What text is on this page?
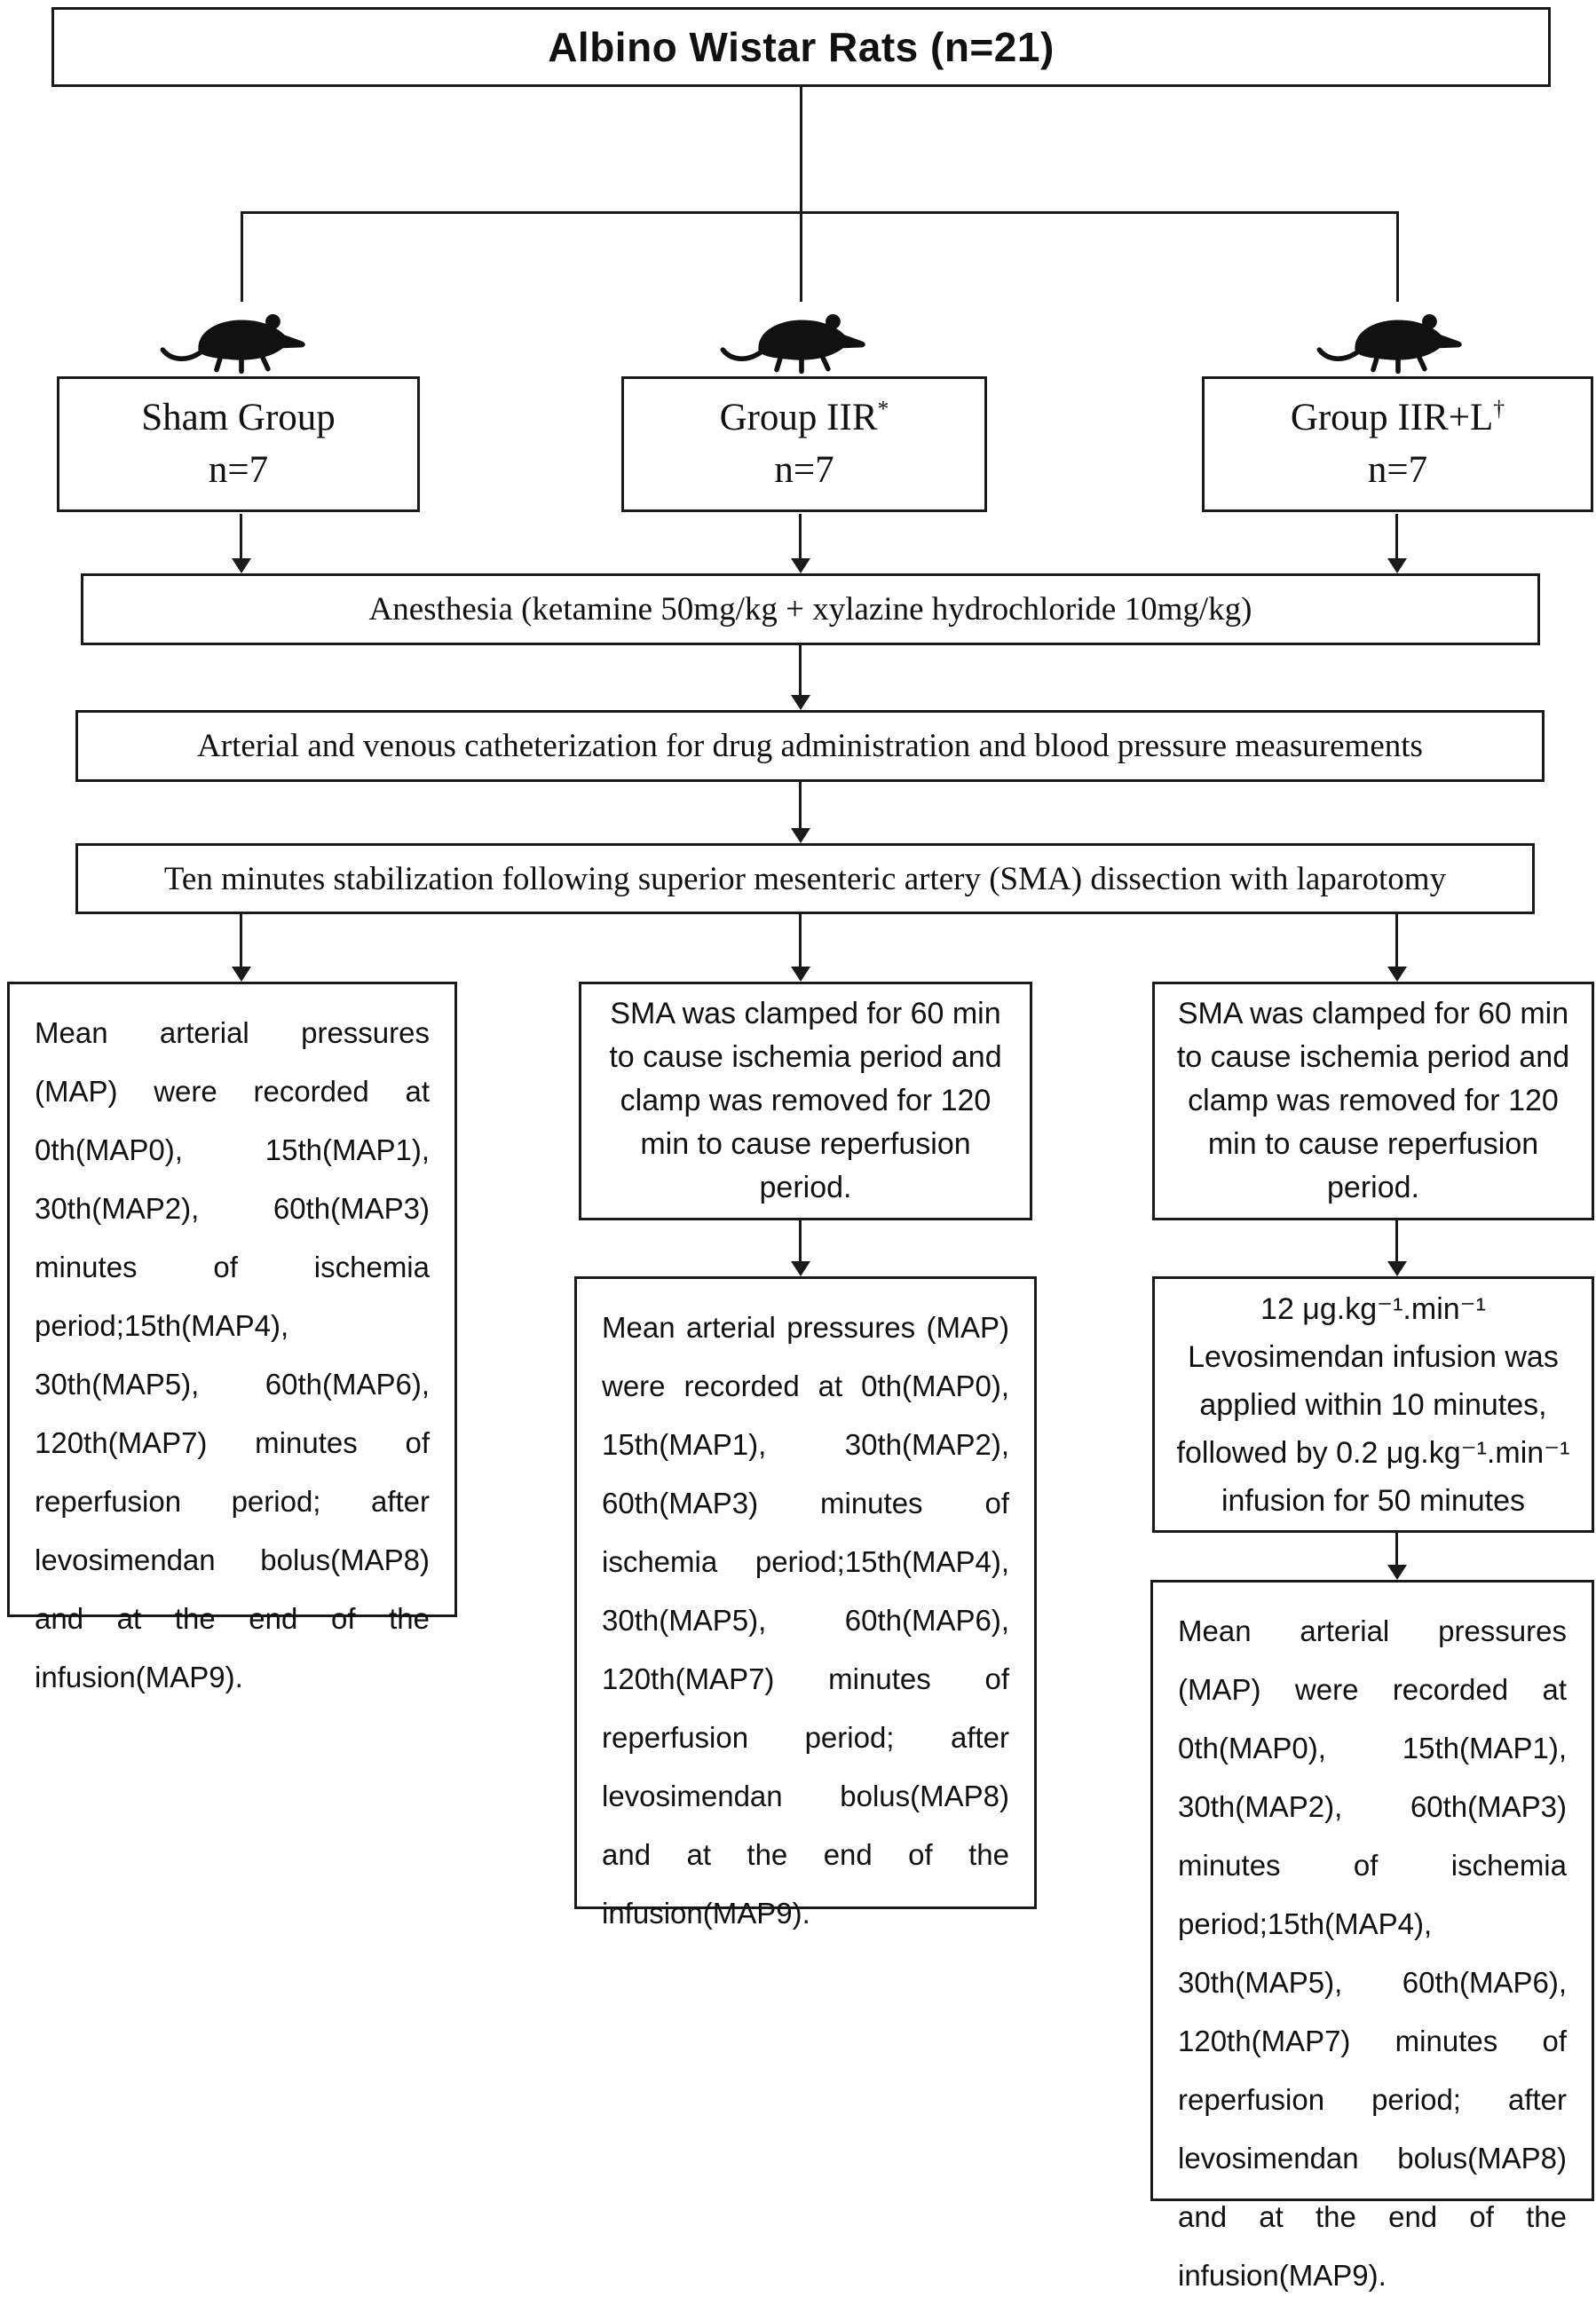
Albino Wistar Rats (n=21)
Sham Group
n=7
Group IIR*
n=7
Group IIR+L†
n=7
Anesthesia (ketamine 50mg/kg + xylazine hydrochloride 10mg/kg)
Arterial and venous catheterization for drug administration and blood pressure measurements
Ten minutes stabilization following superior mesenteric artery (SMA) dissection with laparotomy
Mean arterial pressures (MAP) were recorded at 0th(MAP0), 15th(MAP1), 30th(MAP2), 60th(MAP3) minutes of ischemia period;15th(MAP4), 30th(MAP5), 60th(MAP6), 120th(MAP7) minutes of reperfusion period; after levosimendan bolus(MAP8) and at the end of the infusion(MAP9).
SMA was clamped for 60 min to cause ischemia period and clamp was removed for 120 min to cause reperfusion period.
Mean arterial pressures (MAP) were recorded at 0th(MAP0), 15th(MAP1), 30th(MAP2), 60th(MAP3) minutes of ischemia period;15th(MAP4), 30th(MAP5), 60th(MAP6), 120th(MAP7) minutes of reperfusion period; after levosimendan bolus(MAP8) and at the end of the infusion(MAP9).
SMA was clamped for 60 min to cause ischemia period and clamp was removed for 120 min to cause reperfusion period.
12 μg.kg⁻¹.min⁻¹ Levosimendan infusion was applied within 10 minutes, followed by 0.2 μg.kg⁻¹.min⁻¹ infusion for 50 minutes
Mean arterial pressures (MAP) were recorded at 0th(MAP0), 15th(MAP1), 30th(MAP2), 60th(MAP3) minutes of ischemia period;15th(MAP4), 30th(MAP5), 60th(MAP6), 120th(MAP7) minutes of reperfusion period; after levosimendan bolus(MAP8) and at the end of the infusion(MAP9).
